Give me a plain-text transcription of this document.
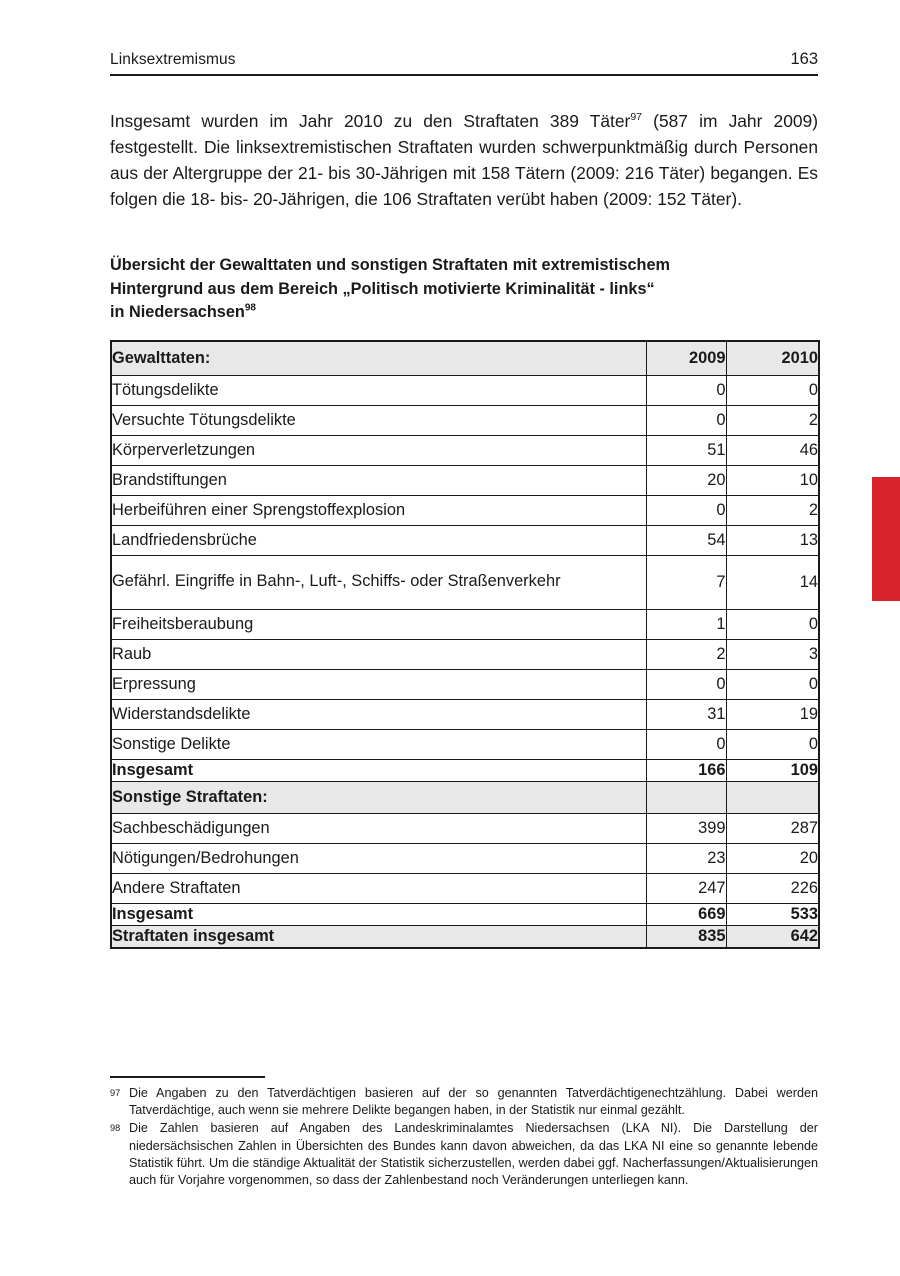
Linksextremismus	163

Insgesamt wurden im Jahr 2010 zu den Straftaten 389 Täter$^{97}$ (587 im Jahr 2009) festgestellt. Die linksextremistischen Straftaten wurden schwerpunktmäßig durch Personen aus der Altergruppe der 21- bis 30-Jährigen mit 158 Tätern (2009: 216 Täter) begangen. Es folgen die 18- bis- 20-Jährigen, die 106 Straftaten verübt haben (2009: 152 Täter).

Übersicht der Gewalttaten und sonstigen Straftaten mit extremistischem
Hintergrund aus dem Bereich „Politisch motivierte Kriminalität - links“
in Niedersachsen$^{98}$
Gewalttaten:	2009	2010
Tötungsdelikte	0	0
Versuchte Tötungsdelikte	0	2
Körperverletzungen	51	46
Brandstiftungen	20	10
Herbeiführen einer Sprengstoffexplosion	0	2
Landfriedensbrüche	54	13
Gefährl. Eingriffe in Bahn-, Luft-, Schiffs- oder Straßenverkehr	7	14
Freiheitsberaubung	1	0
Raub	2	3
Erpressung	0	0
Widerstandsdelikte	31	19
Sonstige Delikte	0	0
Insgesamt	166	109
Sonstige Straftaten:		
Sachbeschädigungen	399	287
Nötigungen/Bedrohungen	23	20
Andere Straftaten	247	226
Insgesamt	669	533
Straftaten insgesamt	835	642
97 Die Angaben zu den Tatverdächtigen basieren auf der so genannten Tatverdächtigenechtzählung. Dabei werden Tatverdächtige, auch wenn sie mehrere Delikte begangen haben, in der Statistik nur einmal gezählt.
98 Die Zahlen basieren auf Angaben des Landeskriminalamtes Niedersachsen (LKA NI). Die Darstellung der niedersächsischen Zahlen in Übersichten des Bundes kann davon abweichen, da das LKA NI eine so genannte lebende Statistik führt. Um die ständige Aktualität der Statistik sicherzustellen, werden dabei ggf. Nacherfassungen/Aktualisierungen auch für Vorjahre vorgenommen, so dass der Zahlenbestand noch Veränderungen unterliegen kann.
